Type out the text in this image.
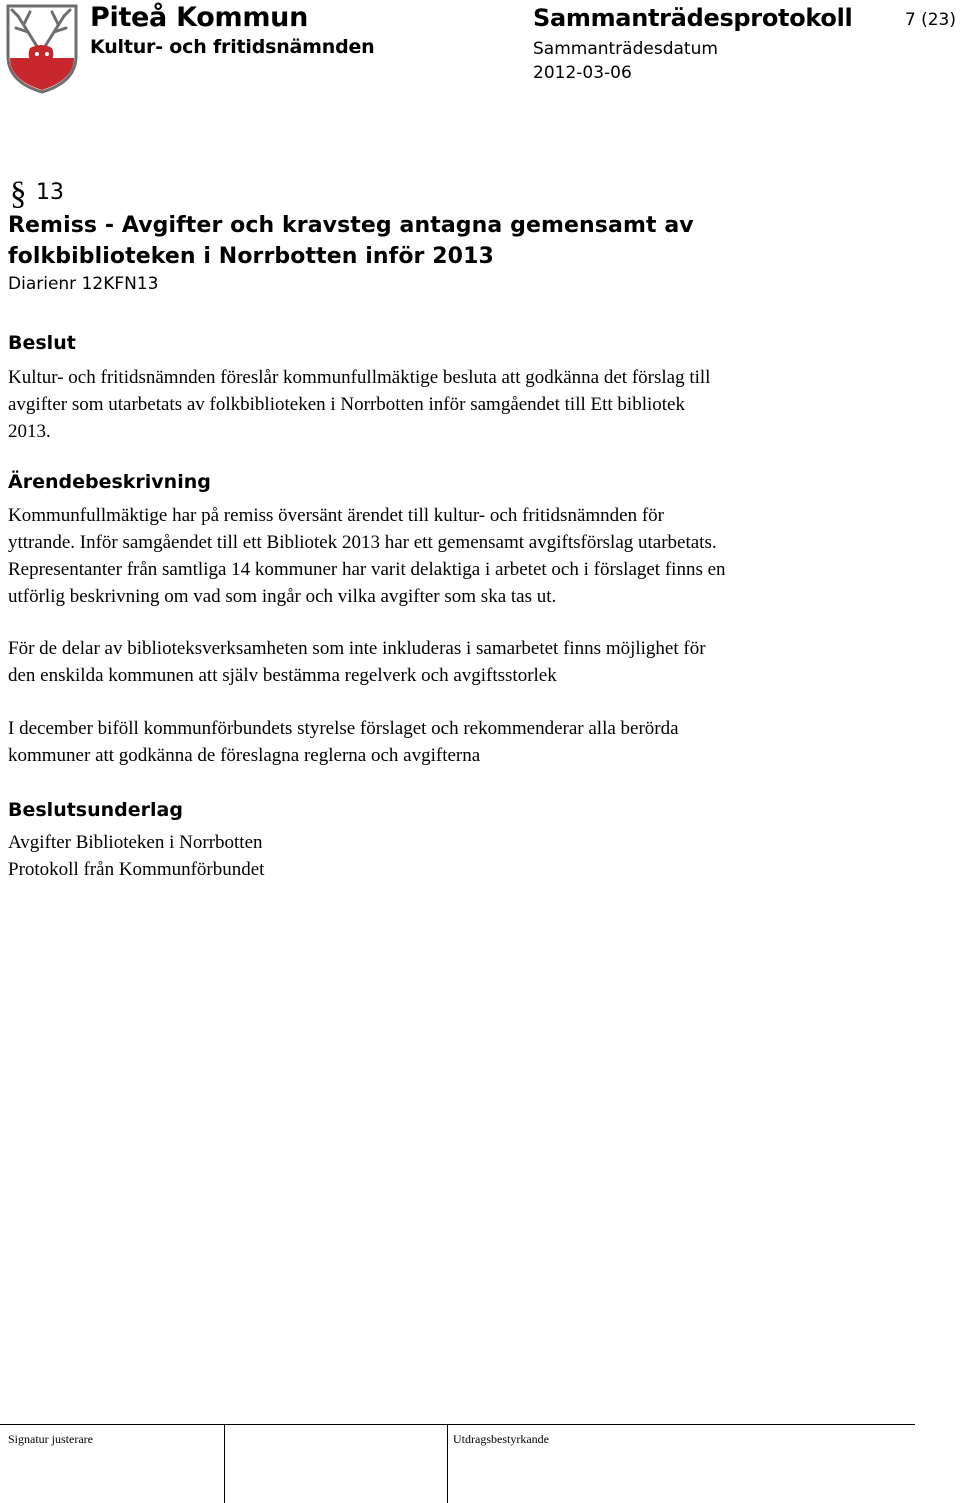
Piteå Kommun
Kultur- och fritidsnämnden
Sammanträdesprotokoll
Sammanträdesdatum
2012-03-06
7 (23)
§ 13
Remiss - Avgifter och kravsteg antagna gemensamt av
folkbiblioteken i Norrbotten inför 2013
Diarienr 12KFN13
Beslut
Kultur- och fritidsnämnden föreslår kommunfullmäktige besluta att godkänna det förslag till
avgifter som utarbetats av folkbiblioteken i Norrbotten inför samgåendet till Ett bibliotek
2013.
Ärendebeskrivning
Kommunfullmäktige har på remiss översänt ärendet till kultur- och fritidsnämnden för
yttrande. Inför samgåendet till ett Bibliotek 2013 har ett gemensamt avgiftsförslag utarbetats.
Representanter från samtliga 14 kommuner har varit delaktiga i arbetet och i förslaget finns en
utförlig beskrivning om vad som ingår och vilka avgifter som ska tas ut.
För de delar av biblioteksverksamheten som inte inkluderas i samarbetet finns möjlighet för
den enskilda kommunen att själv bestämma regelverk och avgiftsstorlek
I december biföll kommunförbundets styrelse förslaget och rekommenderar alla berörda
kommuner att godkänna de föreslagna reglerna och avgifterna
Beslutsunderlag
Avgifter Biblioteken i Norrbotten
Protokoll från Kommunförbundet
Signatur justerare	Utdragsbestyrkande
